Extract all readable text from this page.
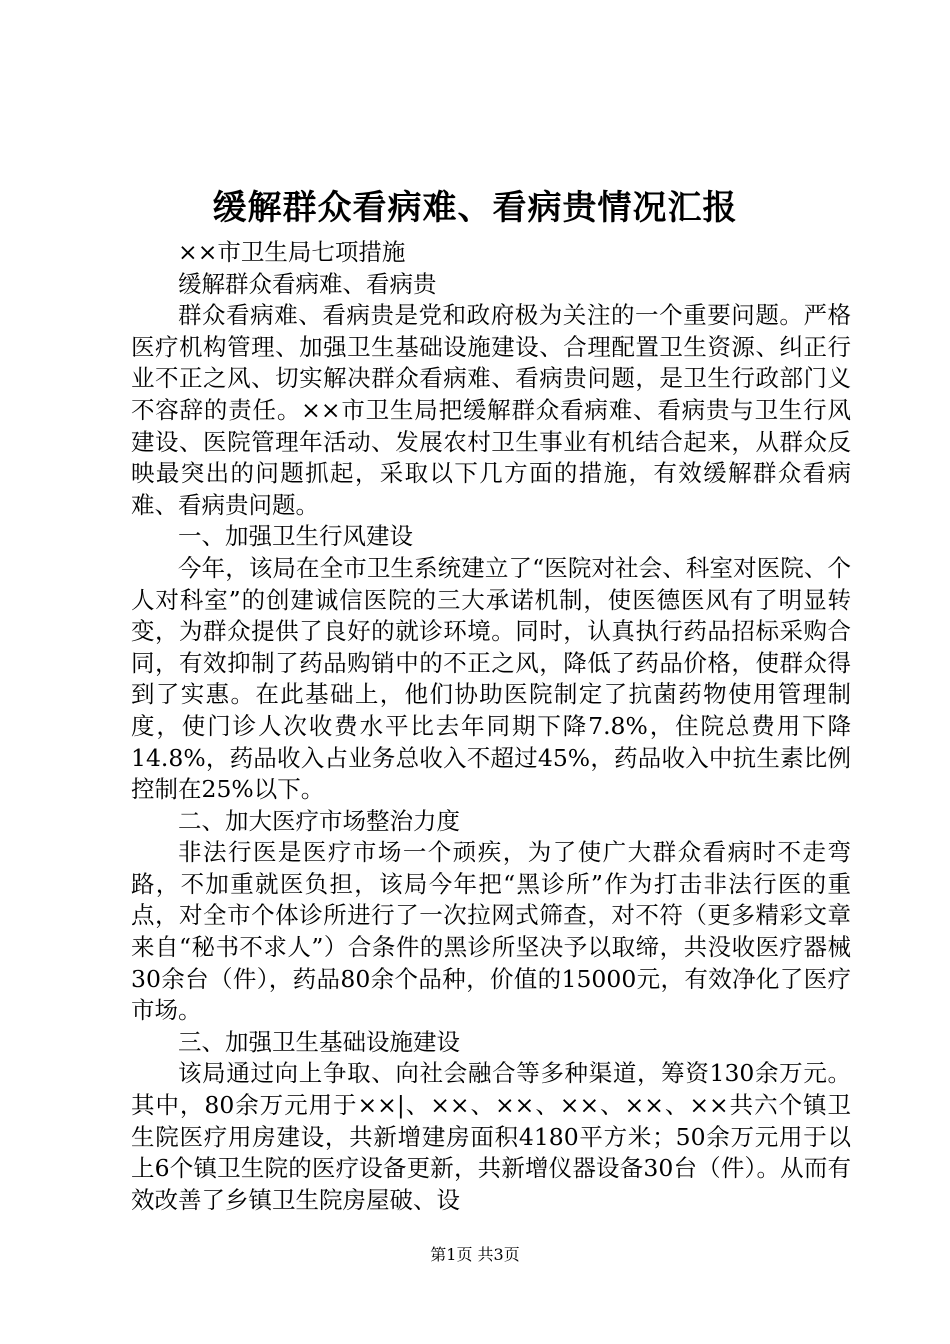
缓解群众看病难、看病贵情况汇报

××市卫生局七项措施

缓解群众看病难、看病贵

群众看病难、看病贵是党和政府极为关注的一个重要问题。严格医疗机构管理、加强卫生基础设施建设、合理配置卫生资源、纠正行业不正之风、切实解决群众看病难、看病贵问题，是卫生行政部门义不容辞的责任。××市卫生局把缓解群众看病难、看病贵与卫生行风建设、医院管理年活动、发展农村卫生事业有机结合起来，从群众反映最突出的问题抓起，采取以下几方面的措施，有效缓解群众看病难、看病贵问题。

一、加强卫生行风建设

今年，该局在全市卫生系统建立了“医院对社会、科室对医院、个人对科室”的创建诚信医院的三大承诺机制，使医德医风有了明显转变，为群众提供了良好的就诊环境。同时，认真执行药品招标采购合同，有效抑制了药品购销中的不正之风，降低了药品价格，使群众得到了实惠。在此基础上，他们协助医院制定了抗菌药物使用管理制度，使门诊人次收费水平比去年同期下降7.8%，住院总费用下降14.8%，药品收入占业务总收入不超过45%，药品收入中抗生素比例控制在25%以下。

二、加大医疗市场整治力度

非法行医是医疗市场一个顽疾，为了使广大群众看病时不走弯路，不加重就医负担，该局今年把“黑诊所”作为打击非法行医的重点，对全市个体诊所进行了一次拉网式筛查，对不符（更多精彩文章来自“秘书不求人”）合条件的黑诊所坚决予以取缔，共没收医疗器械30余台（件），药品80余个品种，价值的15000元，有效净化了医疗市场。

三、加强卫生基础设施建设

该局通过向上争取、向社会融合等多种渠道，筹资130余万元。其中，80余万元用于××|、××、××、××、××、××共六个镇卫生院医疗用房建设，共新增建房面积4180平方米；50余万元用于以上6个镇卫生院的医疗设备更新，共新增仪器设备30台（件）。从而有效改善了乡镇卫生院房屋破、设

第1页 共3页
